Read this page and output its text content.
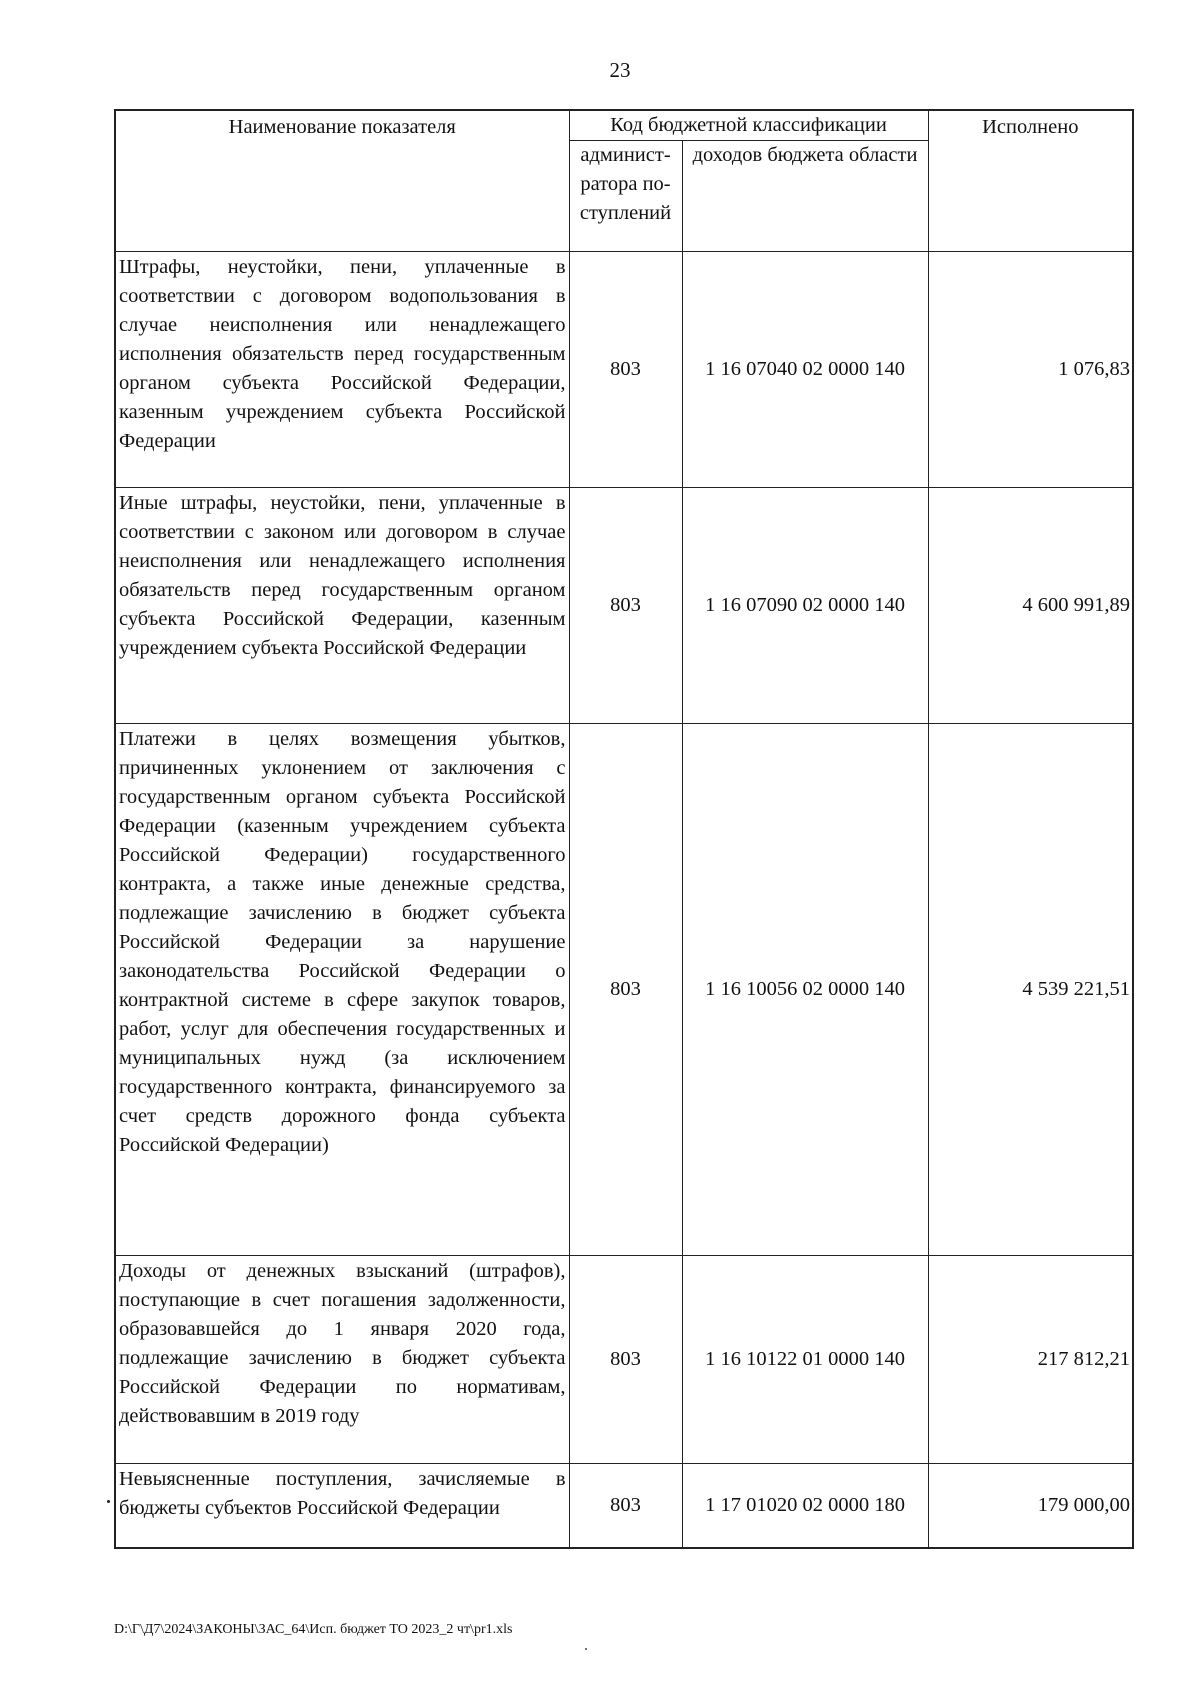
23
Наименование показателя	Код бюджетной классификации		Исполнено
	админист-ратора по-ступлений	доходов бюджета области	
Штрафы, неустойки, пени, уплаченные в соответствии с договором водопользования в случае неисполнения или ненадлежащего исполнения обязательств перед государственным органом субъекта Российской Федерации, казенным учреждением субъекта Российской Федерации	803	1 16 07040 02 0000 140	1 076,83
Иные штрафы, неустойки, пени, уплаченные в соответствии с законом или договором в случае неисполнения или ненадлежащего исполнения обязательств перед государственным органом субъекта Российской Федерации, казенным учреждением субъекта Российской Федерации	803	1 16 07090 02 0000 140	4 600 991,89
Платежи в целях возмещения убытков, причиненных уклонением от заключения с государственным органом субъекта Российской Федерации (казенным учреждением субъекта Российской Федерации) государственного контракта, а также иные денежные средства, подлежащие зачислению в бюджет субъекта Российской Федерации за нарушение законодательства Российской Федерации о контрактной системе в сфере закупок товаров, работ, услуг для обеспечения государственных и муниципальных нужд (за исключением государственного контракта, финансируемого за счет средств дорожного фонда субъекта Российской Федерации)	803	1 16 10056 02 0000 140	4 539 221,51
Доходы от денежных взысканий (штрафов), поступающие в счет погашения задолженности, образовавшейся до 1 января 2020 года, подлежащие зачислению в бюджет субъекта Российской Федерации по нормативам, действовавшим в 2019 году	803	1 16 10122 01 0000 140	217 812,21
Невыясненные поступления, зачисляемые в бюджеты субъектов Российской Федерации	803	1 17 01020 02 0000 180	179 000,00
D:\Г\Д7\2024\ЗАКОНЫ\ЗАС_64\Исп. бюджет ТО 2023_2 чт\pr1.xls
